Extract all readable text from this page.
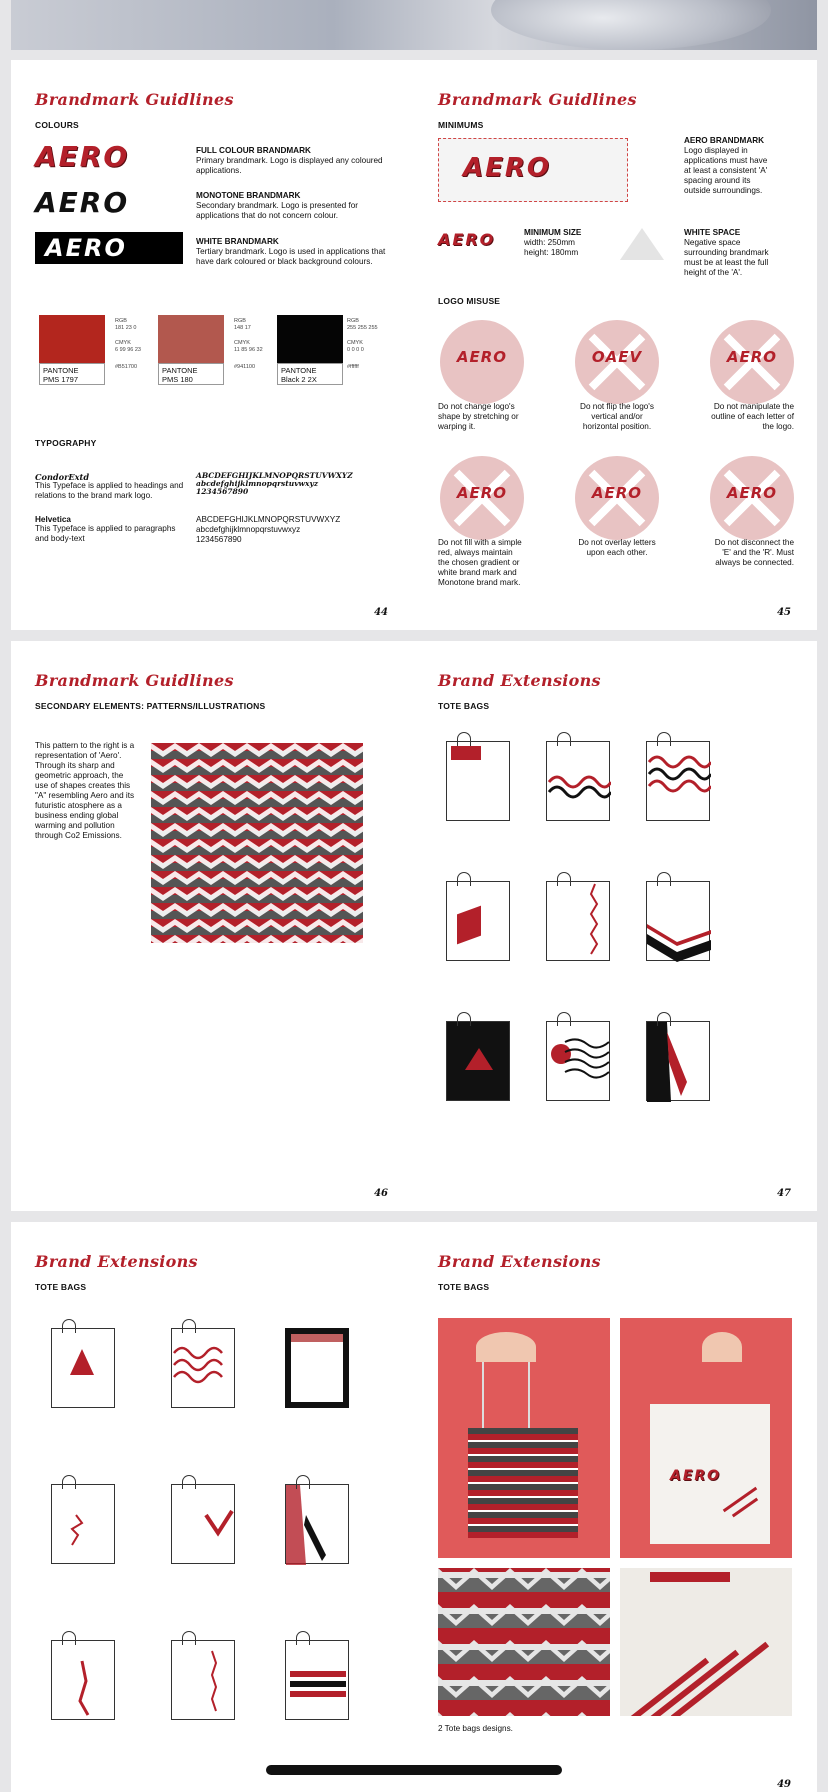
Brandmark Guidlines
COLOURS
AERO	FULL COLOUR BRANDMARK
Primary brandmark. Logo is displayed any coloured applications.
AERO	MONOTONE BRANDMARK
Secondary brandmark. Logo is presented for applications that do not concern colour.
AERO	WHITE BRANDMARK
Tertiary brandmark. Logo is used in applications that have dark coloured or black background colours.
PANTONE
PMS 1797
RGB
181 23 0
CMYK
6 99 96 23
#B51700	PANTONE
PMS 180
RGB
148 17
CMYK
11 85 96 32
#941100	PANTONE
Black 2 2X
RGB
255 255 255
CMYK
0 0 0 0
#ffffff
TYPOGRAPHY
CondorExtd
This Typeface is applied to headings and relations to the brand mark logo.
ABCDEFGHIJKLMNOPQRSTUVWXYZ
abcdefghijklmnopqrstuvwxyz
1234567890
Helvetica
This Typeface is applied to paragraphs and body-text
ABCDEFGHIJKLMNOPQRSTUVWXYZ
abcdefghijklmnopqrstuvwxyz
1234567890
44
Brandmark Guidlines
MINIMUMS
AERO
AERO BRANDMARK
Logo displayed in applications must have at least a consistent 'A' spacing around its outside surroundings.
AERO	MINIMUM SIZE
width: 250mm
height: 180mm
WHITE SPACE
Negative space surrounding brandmark must be at least the full height of the 'A'.
LOGO MISUSE
AERO
Do not change logo's shape by stretching or warping it.
OAEV
Do not flip the logo's vertical and/or horizontal position.
AERO
Do not manipulate the outline of each letter of the logo.
AERO
Do not fill with a simple red, always maintain the chosen gradient or white brand mark and Monotone brand mark.
AERO
Do not overlay letters upon each other.
AERO
Do not disconnect the 'E' and the 'R'. Must always be connected.
45
Brandmark Guidlines
SECONDARY ELEMENTS: PATTERNS/ILLUSTRATIONS
This pattern to the right is a representation of 'Aero'. Through its sharp and geometric approach, the use of shapes creates this "A" resembling Aero and its futuristic atosphere as a business ending global warming and pollution through Co2 Emissions.
46
Brand Extensions
TOTE BAGS
47
Brand Extensions
TOTE BAGS
Brand Extensions
TOTE BAGS
AERO
2 Tote bags designs.
49
